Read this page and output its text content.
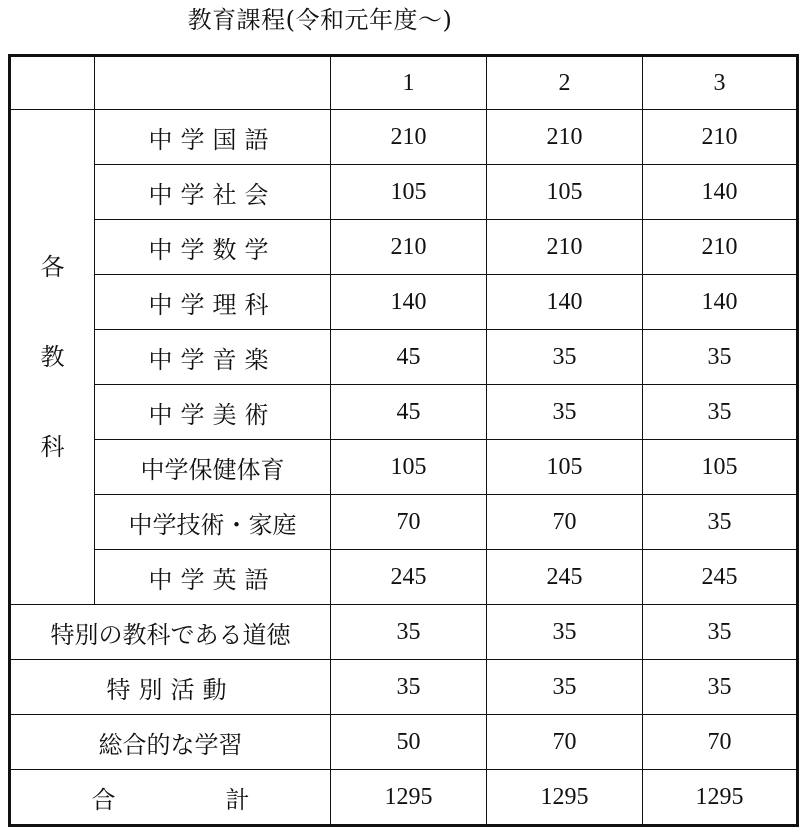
教育課程(令和元年度～)
		1	2	3

各
教
科	中学国語	210	210	210
	中学社会	105	105	140
	中学数学	210	210	210
	中学理科	140	140	140
	中学音楽	45	35	35
	中学美術	45	35	35
	中学保健体育	105	105	105
	中学技術・家庭	70	70	35
	中学英語	245	245	245
特別の教科である道徳		35	35	35
特別活動		35	35	35
総合的な学習		50	70	70
合 計		1295	1295	1295
